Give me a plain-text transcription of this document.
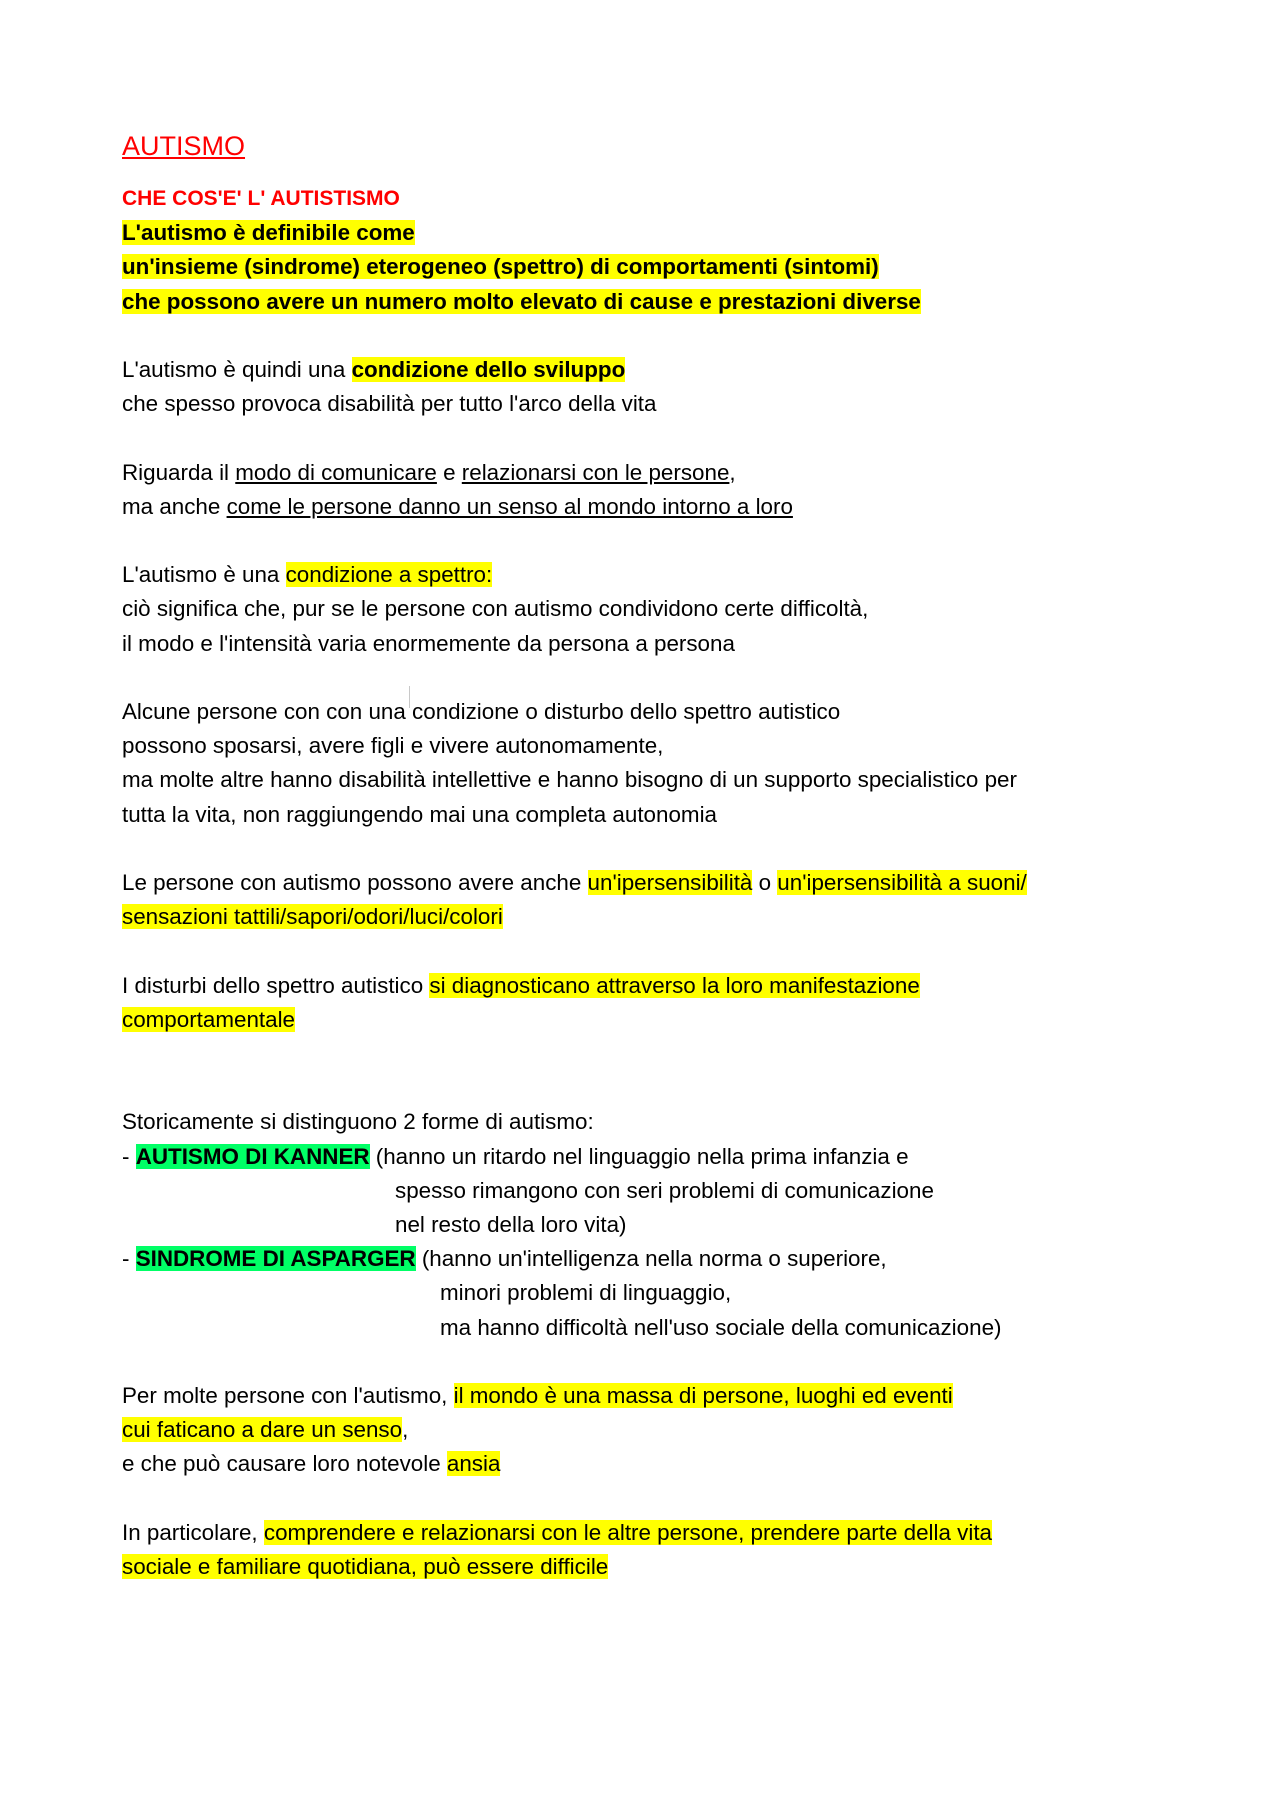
AUTISMO
CHE COS'E' L' AUTISTISMO
L'autismo è definibile come
un'insieme (sindrome) eterogeneo (spettro) di comportamenti (sintomi)
che possono avere un numero molto elevato di cause e prestazioni diverse
L'autismo è quindi una condizione dello sviluppo
che spesso provoca disabilità per tutto l'arco della vita
Riguarda il modo di comunicare e relazionarsi con le persone,
ma anche come le persone danno un senso al mondo intorno a loro
L'autismo è una condizione a spettro:
ciò significa che, pur se le persone con autismo condividono certe difficoltà,
il modo e l'intensità varia enormemente da persona a persona
Alcune persone con con una condizione o disturbo dello spettro autistico
possono sposarsi, avere figli e vivere autonomamente,
ma molte altre hanno disabilità intellettive e hanno bisogno di un supporto specialistico per
tutta la vita, non raggiungendo mai una completa autonomia
Le persone con autismo possono avere anche un'ipersensibilità o un'ipersensibilità a suoni/
sensazioni tattili/sapori/odori/luci/colori
I disturbi dello spettro autistico si diagnosticano attraverso la loro manifestazione
comportamentale
Storicamente si distinguono 2 forme di autismo:
- AUTISMO DI KANNER (hanno un ritardo nel linguaggio nella prima infanzia e
spesso rimangono con seri problemi di comunicazione
nel resto della loro vita)
- SINDROME DI ASPARGER (hanno un'intelligenza nella norma o superiore,
minori problemi di linguaggio,
ma hanno difficoltà nell'uso sociale della comunicazione)
Per molte persone con l'autismo, il mondo è una massa di persone, luoghi ed eventi
cui faticano a dare un senso,
e che può causare loro notevole ansia
In particolare, comprendere e relazionarsi con le altre persone, prendere parte della vita
sociale e familiare quotidiana, può essere difficile
